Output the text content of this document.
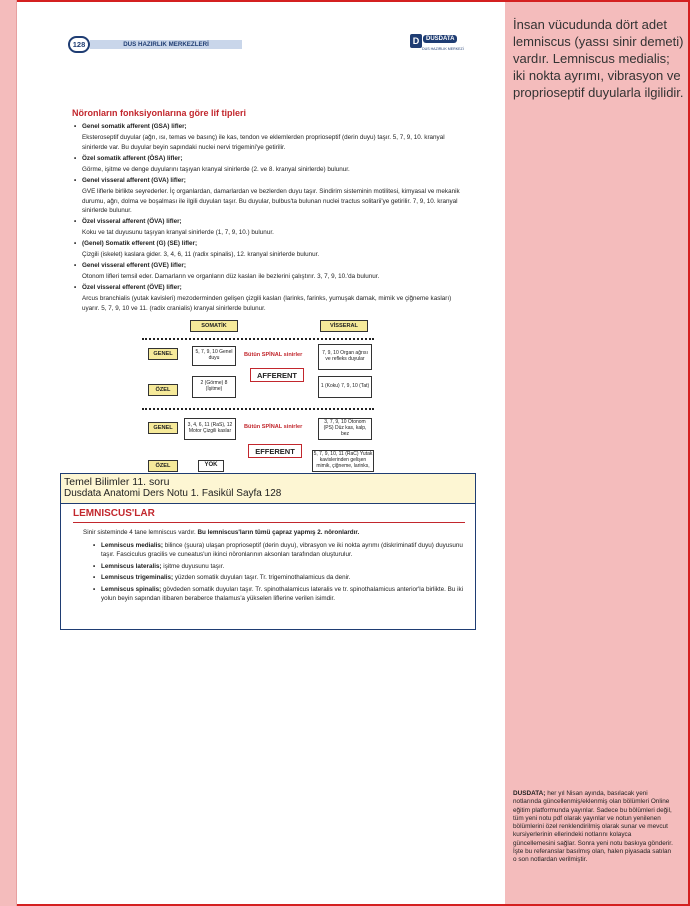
İnsan vücudunda dört adet lemniscus (yassı sinir demeti) vardır. Lemniscus medialis; iki nokta ayrımı, vibrasyon ve proprioseptif duyularla ilgilidir.
DUSDATA; her yıl Nisan ayında, basılacak yeni notlarında güncellenmiş/eklenmiş olan bölümleri Online eğitim platformunda yayınlar. Sadece bu bölümleri değil, tüm yeni notu pdf olarak yayınlar ve notun yenilenen bölümlerini özel renklendirilmiş olarak sunar ve mevcut kursiyerlerinin ellerindeki notlarını kolayca güncellemesini sağlar. Sonra yeni notu baskıya gönderir. İşte bu referanslar basılmış olan, halen piyasada satılan o son notlardan verilmiştir.
128	DUS HAZIRLIK MERKEZLERİ	D	DUSDATA
DUS HAZIRLIK MERKEZİ
Nöronların fonksiyonlarına göre lif tipleri

• Genel somatik afferent (GSA) lifler;

Eksteroseptif duyular (ağrı, ısı, temas ve basınç) ile kas, tendon ve eklemlerden proprioseptif (derin duyu) taşır. 5, 7, 9, 10. kranyal sinirlerde var. Bu duyular beyin sapındaki nuclei nervi trigemini'ye getirilir.

• Özel somatik afferent (ÖSA) lifler;

Görme, işitme ve denge duyularını taşıyan kranyal sinirlerde (2. ve 8. kranyal sinirlerde) bulunur.

• Genel visseral afferent (GVA) lifler;

GVE liflerle birlikte seyrederler. İç organlardan, damarlardan ve bezlerden duyu taşır. Sindirim sisteminin motilitesi, kimyasal ve mekanik durumu, ağrı, dolma ve boşalması ile ilgili duyuları taşır. Bu duyular, bulbus'ta bulunan nuclei tractus solitarii'ye getirilir. 7, 9, 10. kranyal sinirlerde bulunur.

• Özel visseral afferent (ÖVA) lifler;

Koku ve tat duyusunu taşıyan kranyal sinirlerde (1, 7, 9, 10.) bulunur.

• (Genel) Somatik efferent (G) (SE) lifler;

Çizgili (iskelet) kaslara gider. 3, 4, 6, 11 (radix spinalis), 12. kranyal sinirlerde bulunur.

• Genel visseral efferent (GVE) lifler;

Otonom lifleri temsil eder. Damarların ve organların düz kasları ile bezlerini çalıştırır. 3, 7, 9, 10.'da bulunur.

• Özel visseral efferent (ÖVE) lifler;

Arcus branchialis (yutak kavisleri) mezoderminden gelişen çizgili kasları (larinks, farinks, yumuşak damak, mimik ve çiğneme kasları) uyarır. 5, 7, 9, 10 ve 11. (radix cranialis) kranyal sinirlerde bulunur.

SOMATİK	VİSSERAL
GENEL	5, 7, 9, 10 Genel duyu	Bütün SPİNAL sinirler	7, 9, 10 Organ ağrısı ve refleks duyular
AFFERENT
ÖZEL
2 (Görme) 8 (İşitme)	1 (Koku) 7, 9, 10 (Tat)
GENEL	3, 4, 6, 11 (RaS), 12 Motor Çizgili kaslar
Bütün SPİNAL sinirler
3, 7, 9, 10 Otonom (PS) Düz kas, kalp, bez
EFFERENT
ÖZEL	YOK
5, 7, 9, 10, 11 (RaC) Yutak kavislerinden gelişen mimik, çiğneme, larinks,
Temel Bilimler 11. soru
Dusdata Anatomi Ders Notu 1. Fasikül Sayfa 128
LEMNISCUS'LAR
Sinir sisteminde 4 tane lemniscus vardır. Bu lemniscus'ların tümü çapraz yapmış 2. nöronlardır.
• Lemniscus medialis; bilince (şuura) ulaşan proprioseptif (derin duyu), vibrasyon ve iki nokta ayrımı (diskriminatif duyu) duyusunu taşır. Fasciculus gracilis ve cuneatus'un ikinci nöronlarının aksonları tarafından oluşturulur.
• Lemniscus lateralis; işitme duyusunu taşır.
• Lemniscus trigeminalis; yüzden somatik duyuları taşır. Tr. trigeminothalamicus da denir.
• Lemniscus spinalis; gövdeden somatik duyuları taşır. Tr. spinothalamicus lateralis ve tr. spinothalamicus anterior'la birlikte. Bu iki yolun beyin sapından itibaren beraberce thalamus'a yükselen liflerine verilen isimdir.
